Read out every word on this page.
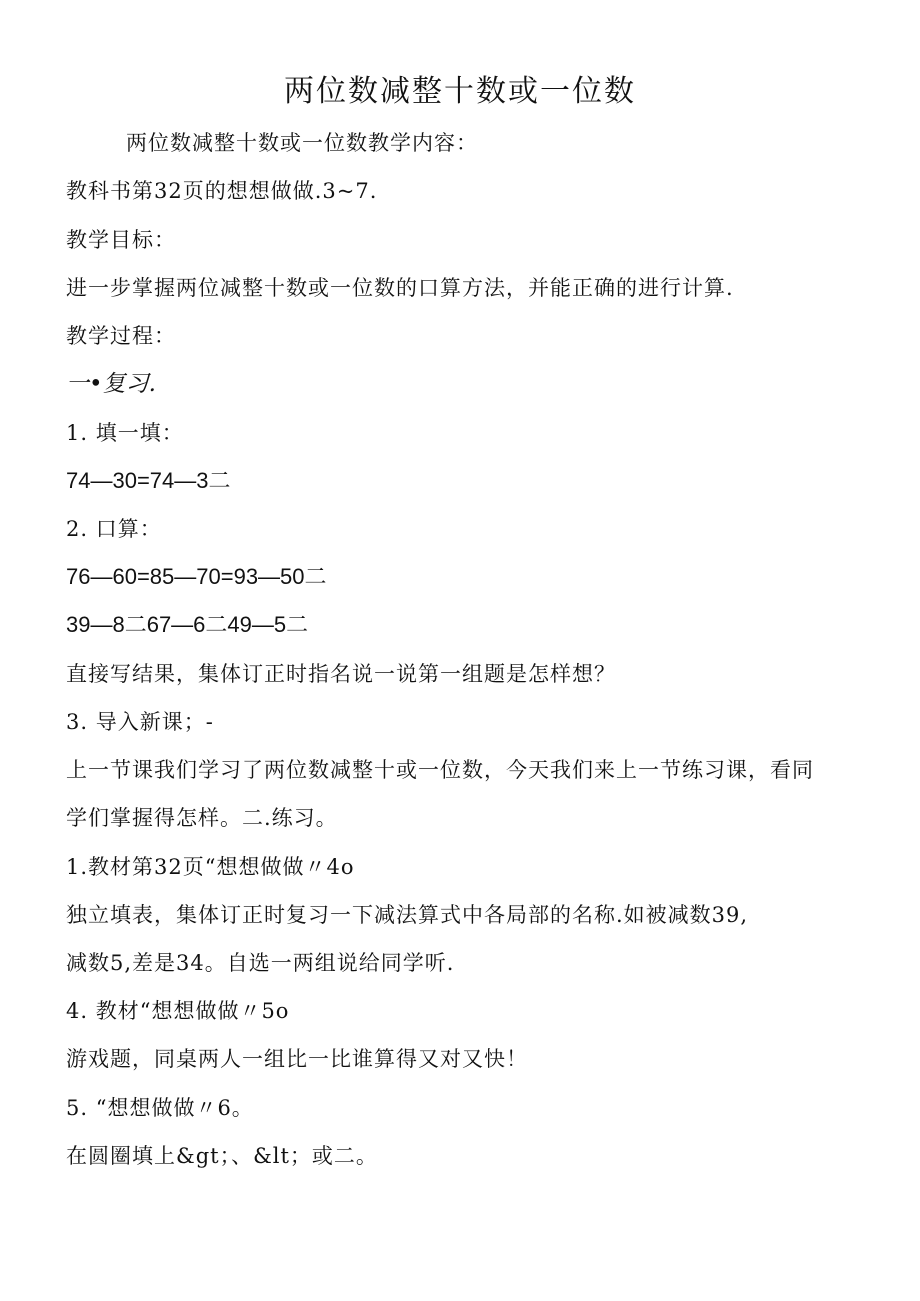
两位数减整十数或一位数
两位数减整十数或一位数教学内容：
教科书第32页的想想做做.3~7.
教学目标：
进一步掌握两位减整十数或一位数的口算方法，并能正确的进行计算.
教学过程：
一•复习.
1. 填一填：
74—30=74—3二
2. 口算：
76—60=85—70=93—50二
39—8二67—6二49—5二
直接写结果，集体订正时指名说一说第一组题是怎样想？
3. 导入新课；-
上一节课我们学习了两位数减整十或一位数，今天我们来上一节练习课，看同
学们掌握得怎样。二.练习。
1.教材第32页“想想做做〃4o
独立填表，集体订正时复习一下减法算式中各局部的名称.如被减数39,
减数5,差是34。自选一两组说给同学听.
4. 教材“想想做做〃5o
游戏题，同桌两人一组比一比谁算得又对又快！
5. “想想做做〃6。
在圆圈填上&gt；、&lt；或二。
